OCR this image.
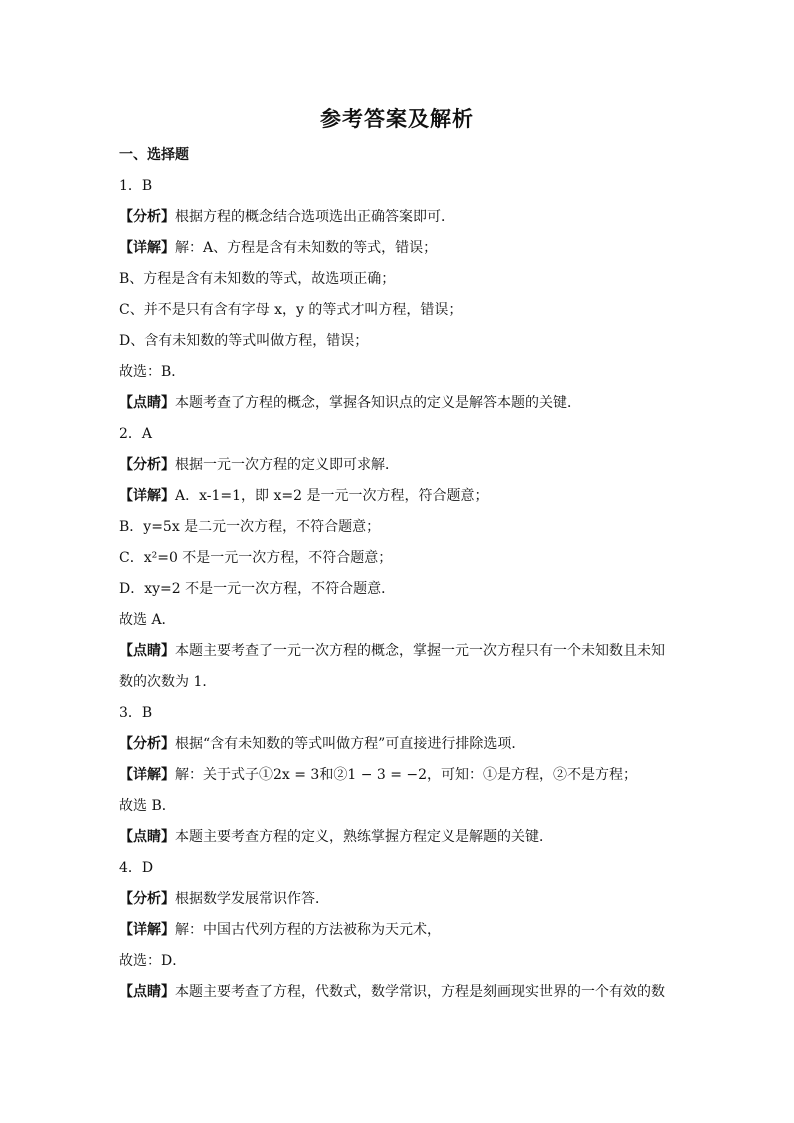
参考答案及解析
一、选择题
1．B
【分析】根据方程的概念结合选项选出正确答案即可．
【详解】解：A、方程是含有未知数的等式，错误；
B、方程是含有未知数的等式，故选项正确；
C、并不是只有含有字母 x，y 的等式才叫方程，错误；
D、含有未知数的等式叫做方程，错误；
故选：B．
【点睛】本题考查了方程的概念，掌握各知识点的定义是解答本题的关键．
2．A
【分析】根据一元一次方程的定义即可求解．
【详解】A．x-1=1，即 x=2 是一元一次方程，符合题意；
B．y=5x 是二元一次方程，不符合题意；
C．x²=0 不是一元一次方程，不符合题意；
D．xy=2 不是一元一次方程，不符合题意．
故选 A．
【点睛】本题主要考查了一元一次方程的概念，掌握一元一次方程只有一个未知数且未知
数的次数为 1．
3．B
【分析】根据“含有未知数的等式叫做方程”可直接进行排除选项．
【详解】解：关于式子①2x = 3和②1 − 3 = −2，可知：①是方程，②不是方程；
故选 B．
【点睛】本题主要考查方程的定义，熟练掌握方程定义是解题的关键．
4．D
【分析】根据数学发展常识作答．
【详解】解：中国古代列方程的方法被称为天元术，
故选：D．
【点睛】本题主要考查了方程，代数式，数学常识，方程是刻画现实世界的一个有效的数
